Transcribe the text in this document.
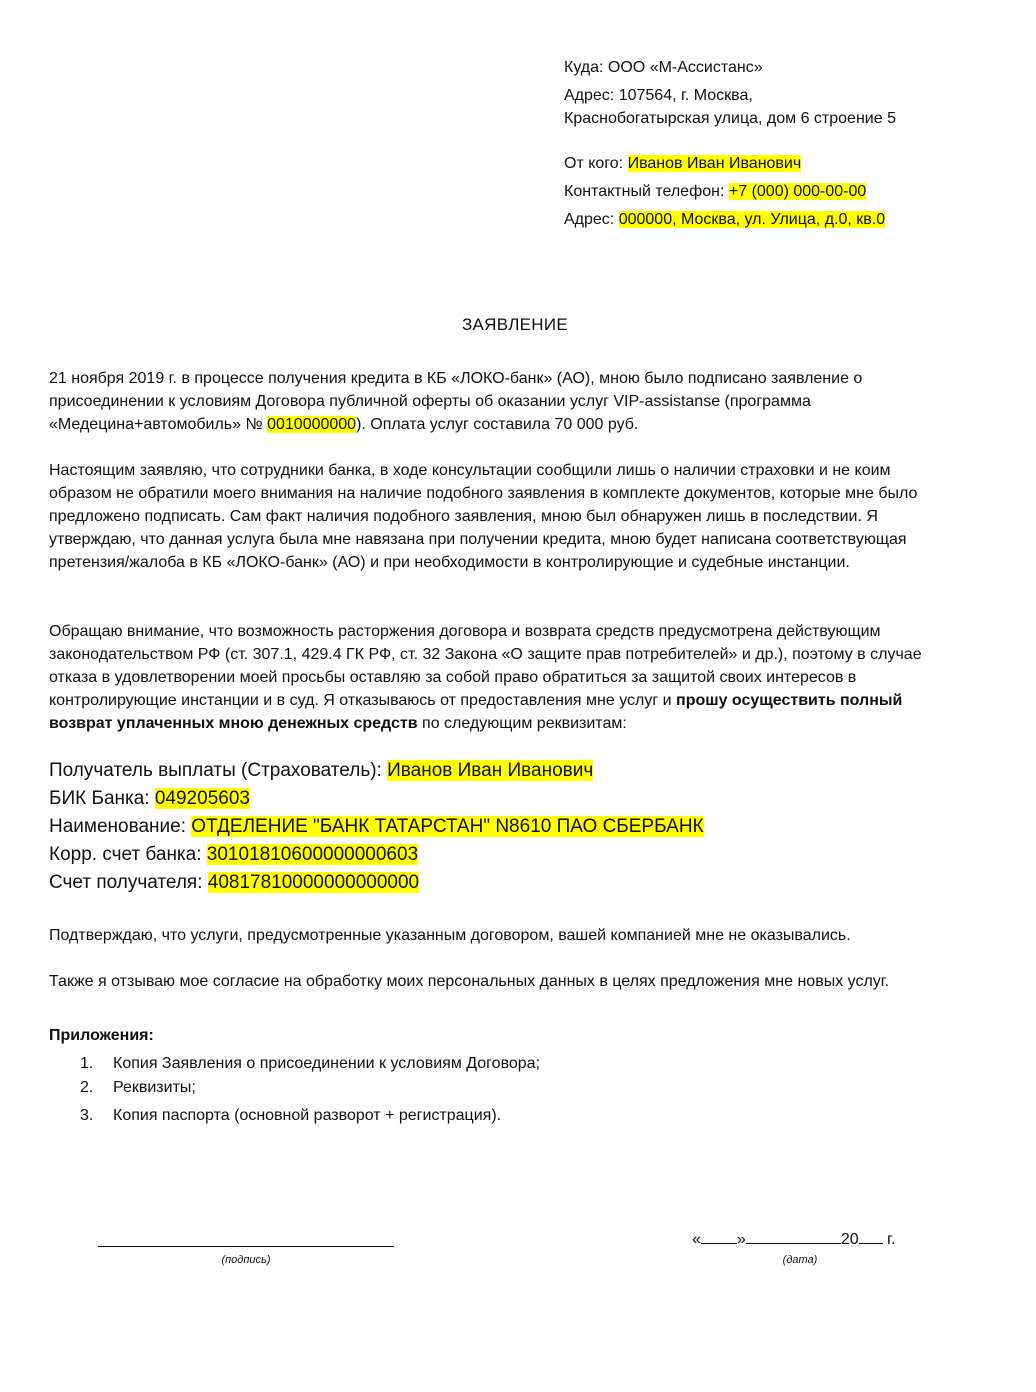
Куда: ООО «М-Ассистанс»
Адрес: 107564, г. Москва,
Краснобогатырская улица, дом 6 строение 5
От кого: Иванов Иван Иванович
Контактный телефон: +7 (000) 000-00-00
Адрес: 000000, Москва, ул. Улица, д.0, кв.0
ЗАЯВЛЕНИЕ
21 ноября 2019 г. в процессе получения кредита в КБ «ЛОКО-банк» (АО), мною было подписано заявление о присоединении к условиям Договора публичной оферты об оказании услуг VIP-assistanse (программа «Медецина+автомобиль» № 0010000000). Оплата услуг составила 70 000 руб.
Настоящим заявляю, что сотрудники банка, в ходе консультации сообщили лишь о наличии страховки и не коим образом не обратили моего внимания на наличие подобного заявления в комплекте документов, которые мне было предложено подписать. Сам факт наличия подобного заявления, мною был обнаружен лишь в последствии. Я утверждаю, что данная услуга была мне навязана при получении кредита, мною будет написана соответствующая претензия/жалоба в КБ «ЛОКО-банк» (АО) и при необходимости в контролирующие и судебные инстанции.
Обращаю внимание, что возможность расторжения договора и возврата средств предусмотрена действующим законодательством РФ (ст. 307.1, 429.4 ГК РФ, ст. 32 Закона «О защите прав потребителей» и др.), поэтому в случае отказа в удовлетворении моей просьбы оставляю за собой право обратиться за защитой своих интересов в контролирующие инстанции и в суд. Я отказываюсь от предоставления мне услуг и прошу осуществить полный возврат уплаченных мною денежных средств по следующим реквизитам:
Получатель выплаты (Страхователь): Иванов Иван Иванович
БИК Банка: 049205603
Наименование: ОТДЕЛЕНИЕ "БАНК ТАТАРСТАН" N8610 ПАО СБЕРБАНК
Корр. счет банка: 30101810600000000603
Счет получателя: 40817810000000000000
Подтверждаю, что услуги, предусмотренные указанным договором, вашей компанией мне не оказывались.
Также я отзываю мое согласие на обработку моих персональных данных в целях предложения мне новых услуг.
Приложения:
1. Копия Заявления о присоединении к условиям Договора;
2. Реквизиты;
3. Копия паспорта (основной разворот + регистрация).
(подпись)
« »	20 г.
(дата)
